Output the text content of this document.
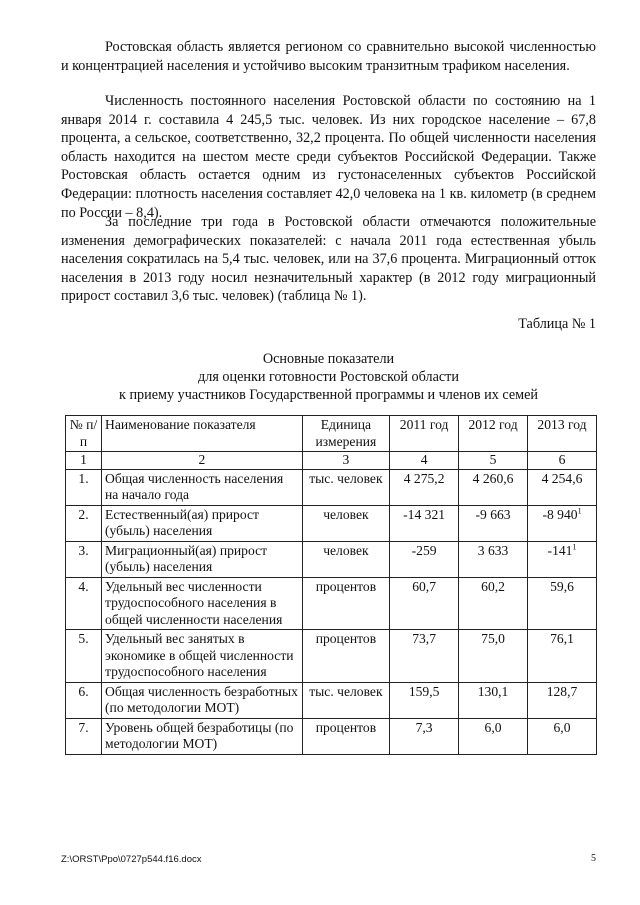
Ростовская область является регионом со сравнительно высокой численностью и концентрацией населения и устойчиво высоким транзитным трафиком населения.

Численность постоянного населения Ростовской области по состоянию на 1 января 2014 г. составила 4 245,5 тыс. человек. Из них городское население – 67,8 процента, а сельское, соответственно, 32,2 процента. По общей численности населения область находится на шестом месте среди субъектов Российской Федерации. Также Ростовская область остается одним из густонаселенных субъектов Российской Федерации: плотность населения составляет 42,0 человека на 1 кв. километр (в среднем по России – 8,4).

За последние три года в Ростовской области отмечаются положительные изменения демографических показателей: с начала 2011 года естественная убыль населения сократилась на 5,4 тыс. человек, или на 37,6 процента. Миграционный отток населения в 2013 году носил незначительный характер (в 2012 году миграционный прирост составил 3,6 тыс. человек) (таблица № 1).

Таблица № 1
Основные показатели
для оценки готовности Ростовской области
к приему участников Государственной программы и членов их семей
№ п/п	Наименование показателя	Единица измерения	2011 год	2012 год	2013 год
1	2	3	4	5	6
1.	Общая численность населения на начало года	тыс. человек	4 275,2	4 260,6	4 254,6
2.	Естественный(ая) прирост (убыль) населения	человек	-14 321	-9 663	-8 $940^1$
3.	Миграционный(ая) прирост (убыль) населения	человек	-259	3 633	$-141^1$
4.	Удельный вес численности трудоспособного населения в общей численности населения	процентов	60,7	60,2	59,6
5.	Удельный вес занятых в экономике в общей численности трудоспособного населения	процентов	73,7	75,0	76,1
6.	Общая численность безработных (по методологии МОТ)	тыс. человек	159,5	130,1	128,7
7.	Уровень общей безработицы (по методологии МОТ)	процентов	7,3	6,0	6,0
Z:\ORST\Ppo\0727p544.f16.docx	5
